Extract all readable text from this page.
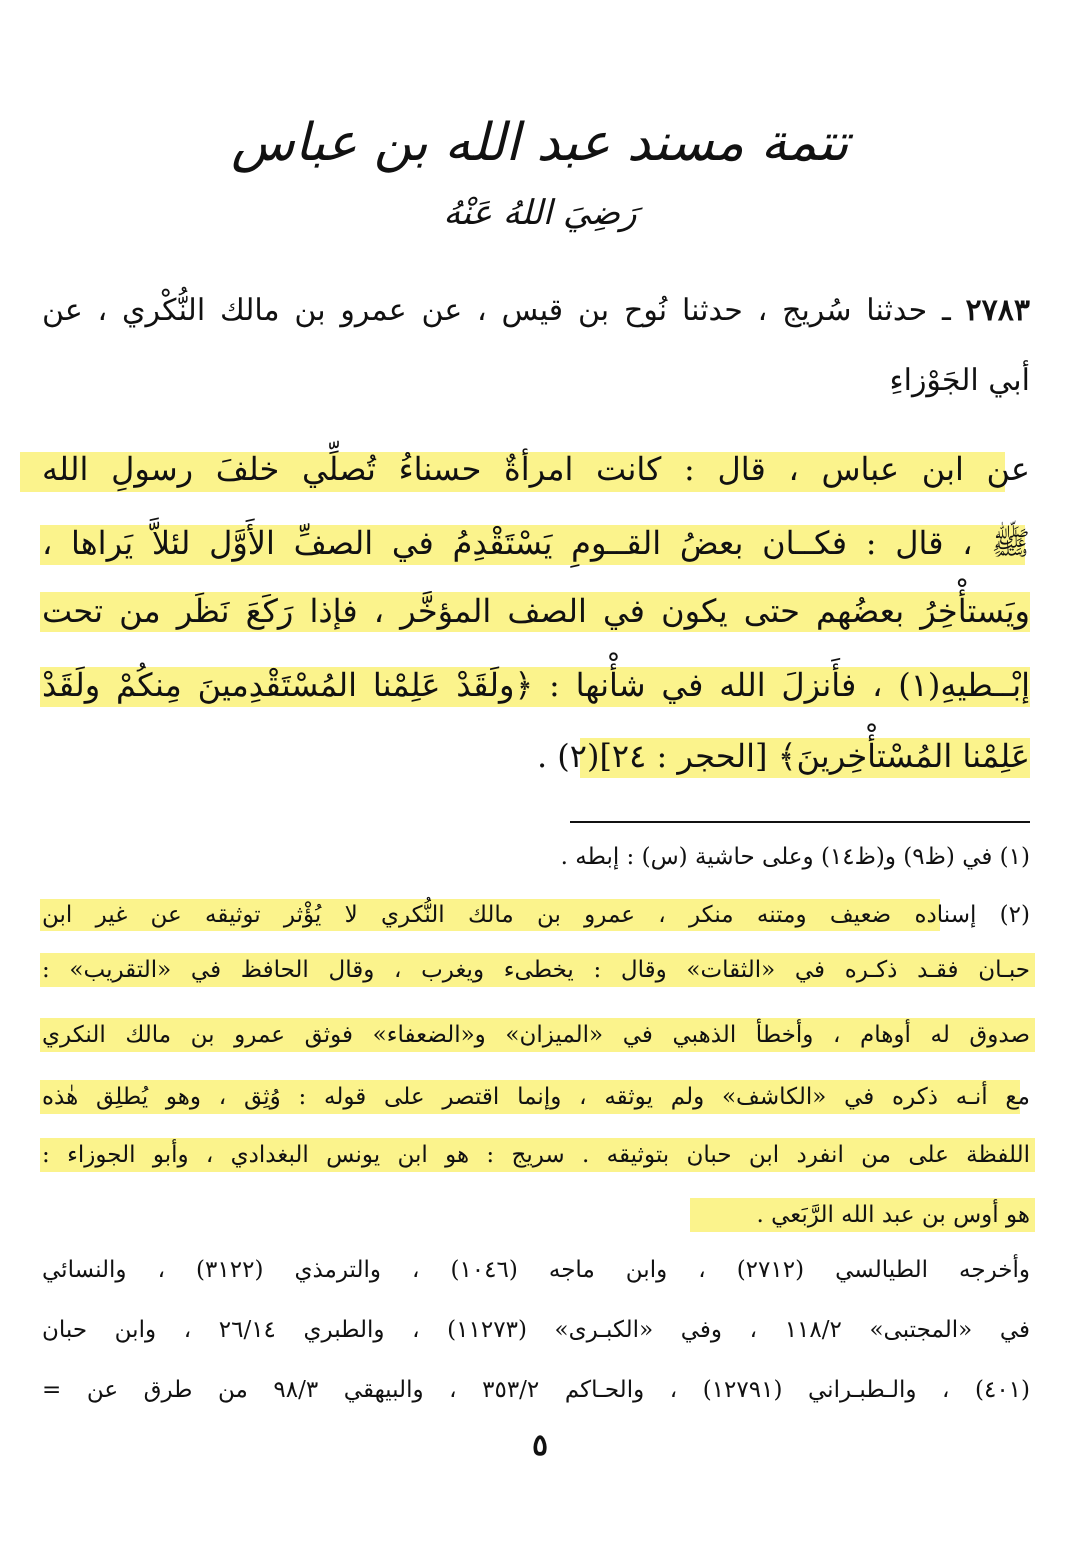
تتمة مسند عبد الله بن عباس
رَضِيَ اللهُ عَنْهُ
٢٧٨٣ ـ حدثنا سُريج ، حدثنا نُوح بن قيس ، عن عمرو بن مالك النُّكْري ، عن
أبي الجَوْزاءِ
عن ابن عباس ، قال : كانت امرأةٌ حسناءُ تُصلِّي خلفَ رسولِ الله
ﷺ ، قال : فكــان بعضُ القــومِ يَسْتَقْدِمُ في الصفِّ الأَوَّل لئلاَّ يَراها ،
ويَستأْخِرُ بعضُهم حتى يكون في الصف المؤخَّر ، فإذا رَكَعَ نَظَر من تحت
إبْــطيهِ(١) ، فأَنزلَ الله في شأْنها : ﴿ولَقَدْ عَلِمْنا المُسْتَقْدِمينَ مِنكُمْ ولَقَدْ
عَلِمْنا المُسْتأْخِرينَ﴾ [الحجر : ٢٤](٢) .
(١) في (ظ٩) و(ظ١٤) وعلى حاشية (س) : إبطه .
(٢) إسناده ضعيف ومتنه منكر ، عمرو بن مالك النُّكري لا يُؤْثر توثيقه عن غير ابن
حبـان فقـد ذكـره في «الثقات» وقال : يخطىء ويغرب ، وقال الحافظ في «التقريب» :
صدوق له أوهام ، وأخطأ الذهبي في «الميزان» و«الضعفاء» فوثق عمرو بن مالك النكري
مع أنـه ذكره في «الكاشف» ولم يوثقه ، وإنما اقتصر على قوله : وُثِق ، وهو يُطلِق هٰذه
اللفظة على من انفرد ابن حبان بتوثيقه . سريج : هو ابن يونس البغدادي ، وأبو الجوزاء :
هو أوس بن عبد الله الرَّبَعي .
وأخرجه الطيالسي (٢٧١٢) ، وابن ماجه (١٠٤٦) ، والترمذي (٣١٢٢) ، والنسائي
في «المجتبى» ١١٨/٢ ، وفي «الكبـرى» (١١٢٧٣) ، والطبري ٢٦/١٤ ، وابن حبان
(٤٠١) ، والـطبـراني (١٢٧٩١) ، والحـاكم ٣٥٣/٢ ، والبيهقي ٩٨/٣ من طرق عن =
٥
